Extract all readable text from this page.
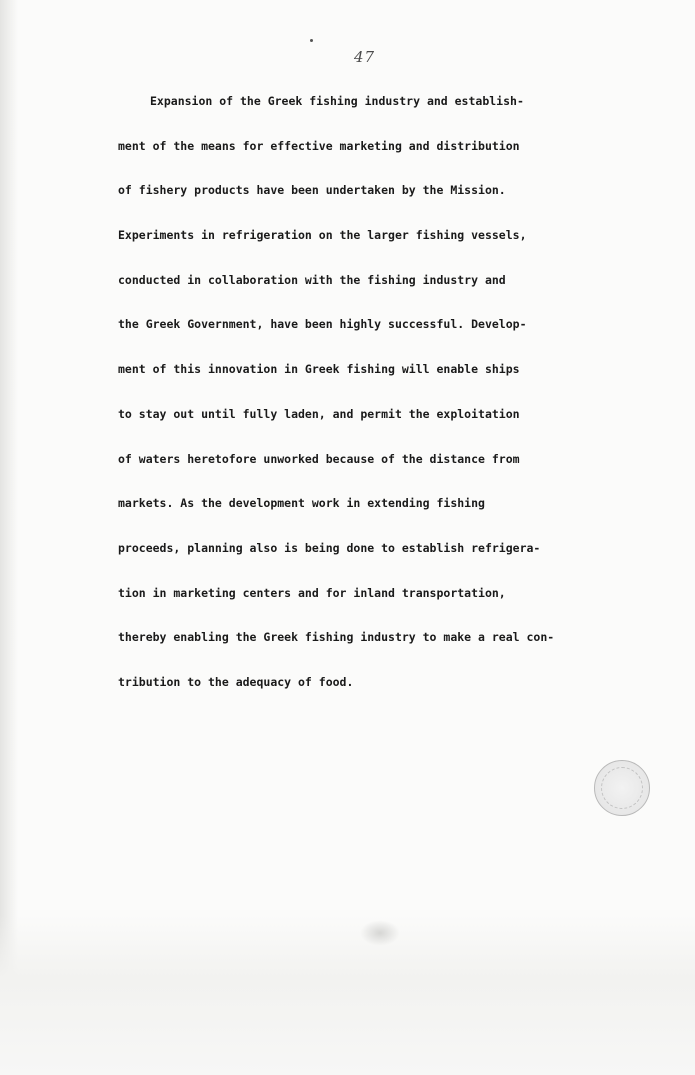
47

Expansion of the Greek fishing industry and establish-
ment of the means for effective marketing and distribution
of fishery products have been undertaken by the Mission.
Experiments in refrigeration on the larger fishing vessels,
conducted in collaboration with the fishing industry and
the Greek Government, have been highly successful. Develop-
ment of this innovation in Greek fishing will enable ships
to stay out until fully laden, and permit the exploitation
of waters heretofore unworked because of the distance from
markets. As the development work in extending fishing
proceeds, planning also is being done to establish refrigera-
tion in marketing centers and for inland transportation,
thereby enabling the Greek fishing industry to make a real con-
tribution to the adequacy of food.
